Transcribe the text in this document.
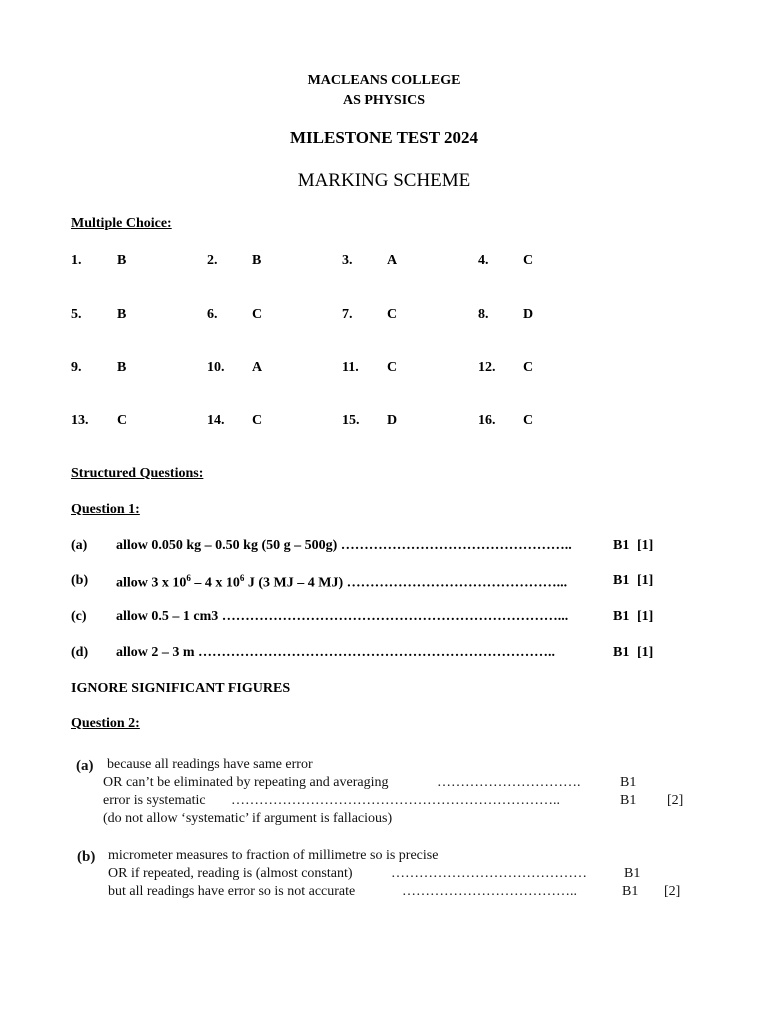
MACLEANS COLLEGE
AS PHYSICS
MILESTONE TEST 2024
MARKING SCHEME
Multiple Choice:
1.	B	2. B	3. A	4. C
5.	B	6. C	7. C	8. D
9.	B	10. A	11. C	12. C
13. C	14. C	15. D	16. C
Structured Questions:
Question 1:
(a) allow 0.050 kg – 0.50 kg (50 g – 500g) …………………………………………..	B1 [1]
(b) allow 3 x $10^6 - 4$ x $10^6$ J (3 MJ – 4 MJ) ………………………………………...	B1 [1]
(c) allow 0.5 – 1 cm3 ………………………………………………………………...	B1 [1]
(d) allow 2 – 3 m …………………………………………………………………..	B1 [1]
IGNORE SIGNIFICANT FIGURES
Question 2:
(a) because all readings have same error
OR can’t be eliminated by repeating and averaging	………………………….	B1
error is systematic ……………………………………………………………..	B1 [2]
(do not allow ‘systematic’ if argument is fallacious)
(b) micrometer measures to fraction of millimetre so is precise
OR if repeated, reading is (almost constant)	……………………………………	B1
but all readings have error so is not accurate	………………………………..	B1 [2]
